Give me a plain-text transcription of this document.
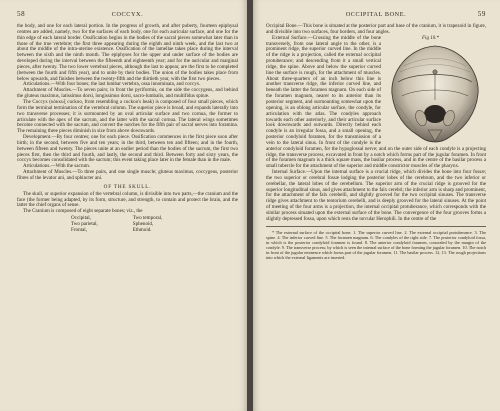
58	COCCYX.

the body, and one for each lateral portion. In the progress of growth, and after puberty, fourteen epiphysal centres are added, namely, two for the surfaces of each body, one for each auricular surface, and one for the thin edge of each lateral border. Ossification begins in the bodies of the sacral pieces somewhat later than in those of the true vertebræ; the first three appearing during the eighth and ninth week, and the last two at about the middle of the intra-uterine existence. Ossification of the lamellae takes place during the interval between the sixth and the ninth month. The epiphyses for the upper and under surface of the bodies are developed during the interval between the fifteenth and eighteenth year; and for the auricular and marginal pieces, after twenty. The two lower vertebral pieces, although the last to appear, are the first to be completed (between the fourth and fifth year), and to unite by their bodies. The union of the bodies takes place from below upwards, and finishes between the twenty-fifth and the thirtieth year, with the first two pieces.

Articulations.—With four bones; the last lumbar vertebra, ossa innominata, and coccyx.

Attachment of Muscles.—To seven pairs; in front the pyriformis, on the side the coccygeus, and behind the gluteus maximus, latissimus dorsi, longissimus dorsi, sacro-lumbalis, and multifidus spinæ.

The Coccyx (κόκκυξ cuckoo, from resembling a cuckoo's beak) is composed of four small pieces, which form the terminal termination of the vertebral column. The superior piece is broad, and expands laterally into two transverse processes; it is surmounted by an oval articular surface and two cornua, the former to articulate with the apex of the sacrum, and the latter with the sacral cornua. The lateral wings sometimes become connected with the sacrum, and convert the notches for the fifth pair of sacral nerves into foramina. The remaining three pieces diminish in size from above downwards.

Development.—By four centres; one for each piece. Ossification commences in the first piece soon after birth; in the second, between five and ten years; in the third, between ten and fifteen; and in the fourth, between fifteen and twenty. The pieces unite at an earlier period than the bodies of the sacrum, the first two pieces first, then the third and fourth, and lastly, the second and third. Between forty and sixty years, the coccyx becomes consolidated with the sacrum; this event taking place later in the female than in the male.

Articulations.—With the sacrum.

Attachment of Muscles.—To three pairs, and one single muscle; gluteus maximus, coccygeus, posterior fibres of the levator ani, and sphincter ani.

OF THE SKULL.

The skull, or superior expansion of the vertebral column, is divisible into two parts,—the cranium and the face (the former being adapted, by its form, structure, and strength, to contain and protect the brain, and the latter the chief organs of sense.

The Cranium is composed of eight separate bones; viz., the

Occipital,	Two temporal,
Two parietal,	Sphenoid,
Frontal,	Ethmoid.
OCCIPITAL BONE.	59

Occipital Bone.—This bone is situated at the posterior part and base of the cranium, it is trapezoid in figure, and divisible into two surfaces, four borders, and four angles.

Fig 10.*

External Surface.—Crossing the middle of the bone transversely, from one lateral angle to the other, is a prominent ridge, the superior curved line. In the middle of the ridge is a projection, called the external occipital protuberance; and descending from it a small vertical ridge, the spine. Above and below the superior curved line the surface is rough, for the attachment of muscles. About three-quarters of an inch below this line is another transverse ridge, the inferior curved line, and beneath the latter the foramen magnum. On each side of the foramen magnum, nearer to its anterior than its posterior segment, and surmounting somewhat upon the opening, is an oblong articular surface, the condyle, for articulation with the atlas. The condyles approach towards each other anteriorly, and their articular surface look downwards and outwards. Directly behind each condyle is an irregular fossa, and a small opening, the posterior condyloid foramen, for the transmission of a vein to the lateral sinus. In front of the condyle is the anterior condyloid foramen, for the hypoglossal nerve; and on the outer side of each condyle is a projecting ridge, the transverse process, excavated in front by a notch which forms part of the jugular foramen. In front of the foramen magnum is a thick square mass, the basilar process, and in the centre of the basilar process a small tubercle for the attachment of the superior and middle constrictor muscles of the pharynx.

Internal Surface.—Upon the internal surface is a crucial ridge, which divides the bone into four fossæ; the two superior or cerebral fossæ lodging the posterior lobes of the cerebrum, and the two inferior or cerebellar, the lateral lobes of the cerebellum. The superior arm of the crucial ridge is grooved for the superior longitudinal sinus, and gives attachment to the falx cerebri; the inferior arm is sharp and prominent, for the attachment of the falx cerebelli, and slightly grooved for the two occipital sinuses. The transverse ridge gives attachment to the tentorium cerebelli, and is deeply grooved for the lateral sinuses. At the point of meeting of the four arms is a projection, the internal occipital protuberance, which corresponds with the similar process situated upon the external surface of the bone. The convergence of the four grooves forms a slightly depressed fossa, upon which rests the torcular Herophili. In the centre of the

* The external surface of the occipital bone. 1. The superior curved line. 2. The external occipital protuberance. 3. The spine. 4. The inferior curved line. 5. The foramen magnum. 6. The condyles of the right side. 7. The posterior condyloid fossa, in which is the posterior condyloid foramen is found. 8. The anterior condyloid foramen, concealed by the margin of the condyle. 9. The transverse process; by which is seen the internal surface of the bone forming the jugular foramen. 10. The notch in front of the jugular eminence which forms part of the jugular foramen. 11. The basilar process. 12, 13. The rough projections into which the external ligaments are inserted.
